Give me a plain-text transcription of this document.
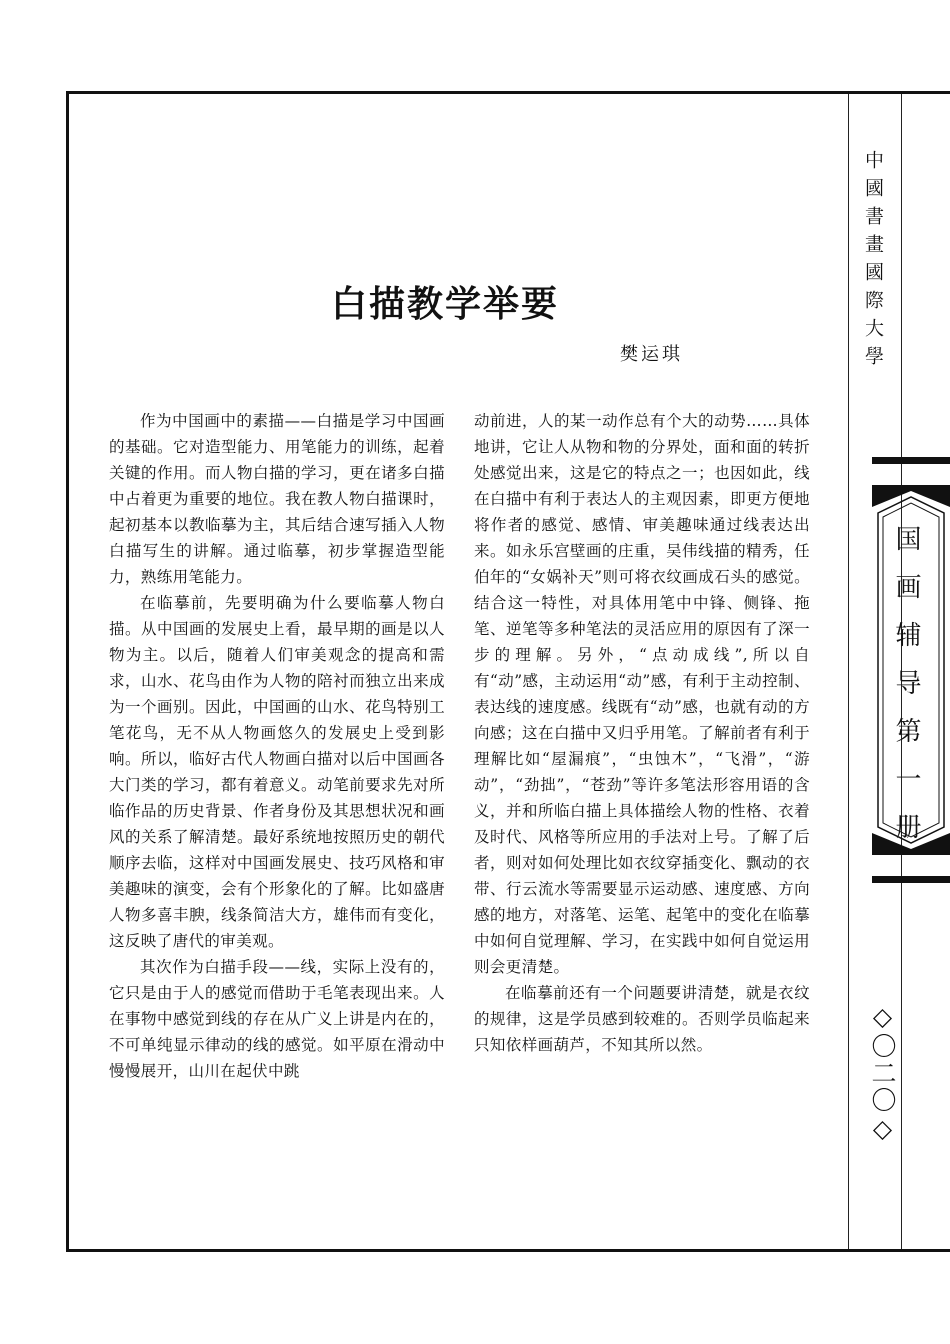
白描教学举要
樊运琪

作为中国画中的素描——白描是学习中国画的基础。它对造型能力、用笔能力的训练，起着关键的作用。而人物白描的学习，更在诸多白描中占着更为重要的地位。我在教人物白描课时，起初基本以教临摹为主，其后结合速写插入人物白描写生的讲解。通过临摹，初步掌握造型能力，熟练用笔能力。

在临摹前，先要明确为什么要临摹人物白描。从中国画的发展史上看，最早期的画是以人物为主。以后，随着人们审美观念的提高和需求，山水、花鸟由作为人物的陪衬而独立出来成为一个画别。因此，中国画的山水、花鸟特别工笔花鸟，无不从人物画悠久的发展史上受到影响。所以，临好古代人物画白描对以后中国画各大门类的学习，都有着意义。动笔前要求先对所临作品的历史背景、作者身份及其思想状况和画风的关系了解清楚。最好系统地按照历史的朝代顺序去临，这样对中国画发展史、技巧风格和审美趣味的演变，会有个形象化的了解。比如盛唐人物多喜丰腴，线条简洁大方，雄伟而有变化，这反映了唐代的审美观。

其次作为白描手段——线，实际上没有的，它只是由于人的感觉而借助于毛笔表现出来。人在事物中感觉到线的存在从广义上讲是内在的，不可单纯显示律动的线的感觉。如平原在滑动中慢慢展开，山川在起伏中跳

动前进，人的某一动作总有个大的动势……具体地讲，它让人从物和物的分界处，面和面的转折处感觉出来，这是它的特点之一；也因如此，线在白描中有利于表达人的主观因素，即更方便地将作者的感觉、感情、审美趣味通过线表达出来。如永乐宫壁画的庄重，吴伟线描的精秀，任伯年的“女娲补天”则可将衣纹画成石头的感觉。结合这一特性，对具体用笔中中锋、侧锋、拖笔、逆笔等多种笔法的灵活应用的原因有了深一步的理解。另外，“点动成线”,所以自有“动”感，主动运用“动”感，有利于主动控制、表达线的速度感。线既有“动”感，也就有动的方向感；这在白描中又归乎用笔。了解前者有利于理解比如“屋漏痕”，“虫蚀木”，“飞滑”，“游动”，“劲拙”，“苍劲”等许多笔法形容用语的含义，并和所临白描上具体描绘人物的性格、衣着及时代、风格等所应用的手法对上号。了解了后者，则对如何处理比如衣纹穿插变化、飘动的衣带、行云流水等需要显示运动感、速度感、方向感的地方，对落笔、运笔、起笔中的变化在临摹中如何自觉理解、学习，在实践中如何自觉运用则会更清楚。

在临摹前还有一个问题要讲清楚，就是衣纹的规律，这是学员感到较难的。否则学员临起来只知依样画葫芦，不知其所以然。

中國書畫國際大學
国画辅导第一册
◇〇二〇◇
